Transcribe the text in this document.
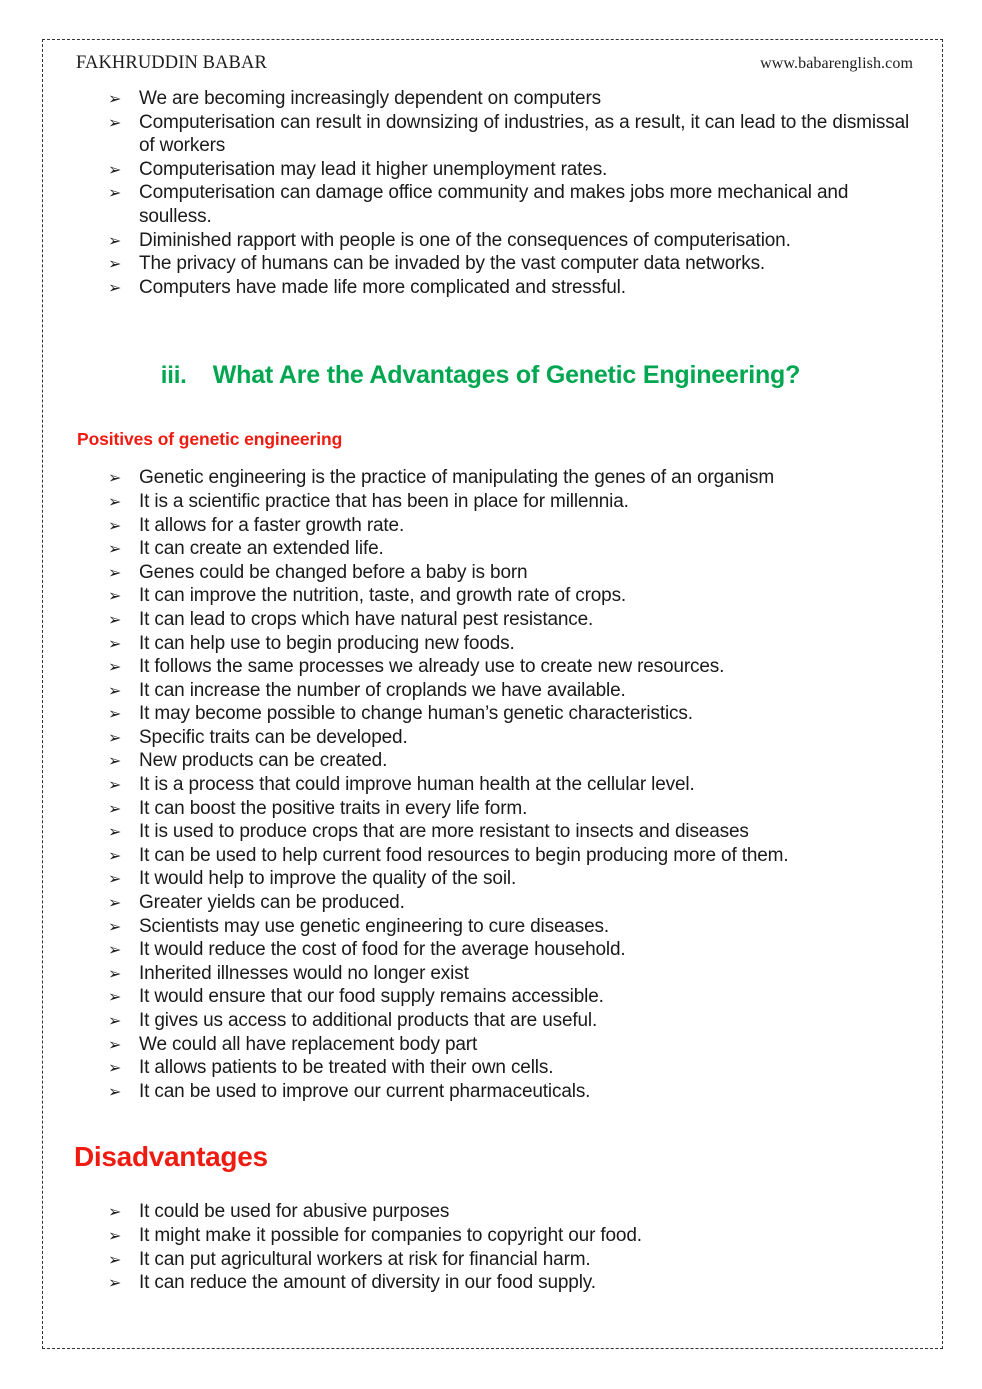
FAKHRUDDIN BABAR	www.babarenglish.com
➢ We are becoming increasingly dependent on computers
➢ Computerisation can result in downsizing of industries, as a result, it can lead to the dismissal of workers
➢ Computerisation may lead it higher unemployment rates.
➢ Computerisation can damage office community and makes jobs more mechanical and soulless.
➢ Diminished rapport with people is one of the consequences of computerisation.
➢ The privacy of humans can be invaded by the vast computer data networks.
➢ Computers have made life more complicated and stressful.
iii.	What Are the Advantages of Genetic Engineering?
Positives of genetic engineering
➢ Genetic engineering is the practice of manipulating the genes of an organism
➢ It is a scientific practice that has been in place for millennia.
➢ It allows for a faster growth rate.
➢ It can create an extended life.
➢ Genes could be changed before a baby is born
➢ It can improve the nutrition, taste, and growth rate of crops.
➢ It can lead to crops which have natural pest resistance.
➢ It can help use to begin producing new foods.
➢ It follows the same processes we already use to create new resources.
➢ It can increase the number of croplands we have available.
➢ It may become possible to change human’s genetic characteristics.
➢ Specific traits can be developed.
➢ New products can be created.
➢ It is a process that could improve human health at the cellular level.
➢ It can boost the positive traits in every life form.
➢ It is used to produce crops that are more resistant to insects and diseases
➢ It can be used to help current food resources to begin producing more of them.
➢ It would help to improve the quality of the soil.
➢ Greater yields can be produced.
➢ Scientists may use genetic engineering to cure diseases.
➢ It would reduce the cost of food for the average household.
➢ Inherited illnesses would no longer exist
➢ It would ensure that our food supply remains accessible.
➢ It gives us access to additional products that are useful.
➢ We could all have replacement body part
➢ It allows patients to be treated with their own cells.
➢ It can be used to improve our current pharmaceuticals.
Disadvantages
➢ It could be used for abusive purposes
➢ It might make it possible for companies to copyright our food.
➢ It can put agricultural workers at risk for financial harm.
➢ It can reduce the amount of diversity in our food supply.
